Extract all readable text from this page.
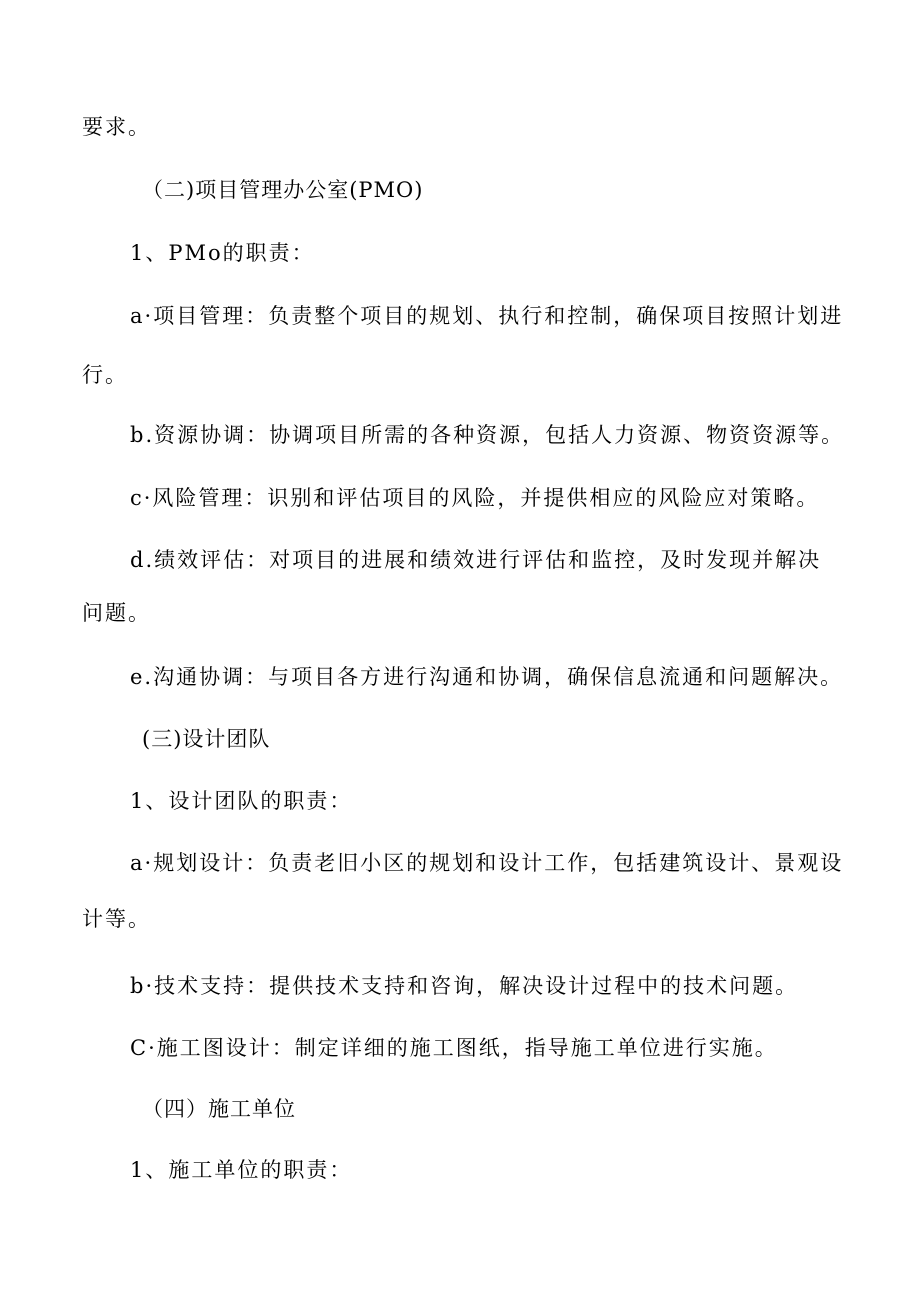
要求。
（二)项目管理办公室(PMO)
1、PMo的职责：
a·项目管理：负责整个项目的规划、执行和控制，确保项目按照计划进
行。
b.资源协调：协调项目所需的各种资源，包括人力资源、物资资源等。
c·风险管理：识别和评估项目的风险，并提供相应的风险应对策略。
d.绩效评估：对项目的进展和绩效进行评估和监控，及时发现并解决
问题。
e.沟通协调：与项目各方进行沟通和协调，确保信息流通和问题解决。
(三)设计团队
1、设计团队的职责：
a·规划设计：负责老旧小区的规划和设计工作，包括建筑设计、景观设
计等。
b·技术支持：提供技术支持和咨询，解决设计过程中的技术问题。
C·施工图设计：制定详细的施工图纸，指导施工单位进行实施。
（四）施工单位
1、施工单位的职责：
